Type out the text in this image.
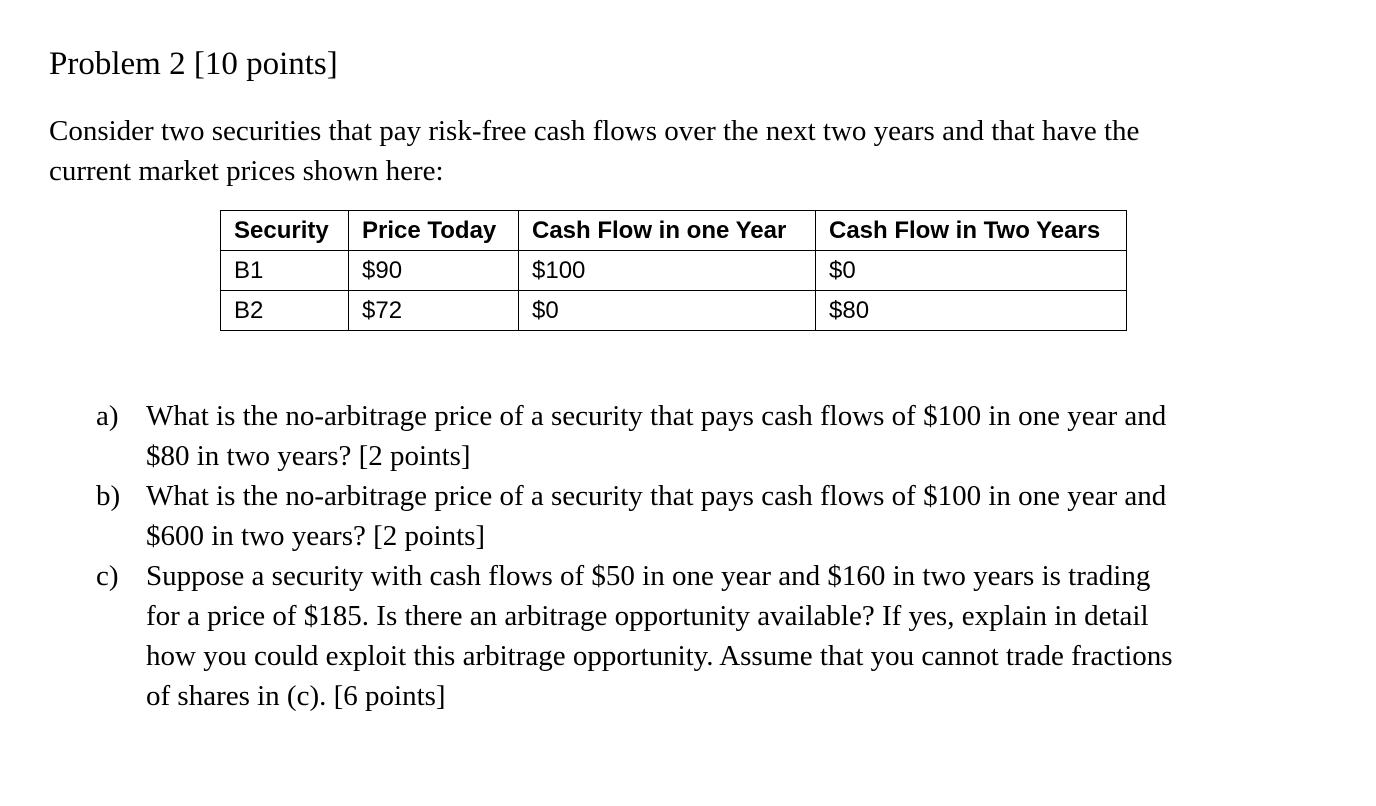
Problem 2 [10 points]
Consider two securities that pay risk-free cash flows over the next two years and that have the
current market prices shown here:
Security	Price Today	Cash Flow in one Year	Cash Flow in Two Years
B1	$90	$100	$0
B2	$72	$0	$80
a) What is the no-arbitrage price of a security that pays cash flows of $100 in one year and
$80 in two years? [2 points]
b) What is the no-arbitrage price of a security that pays cash flows of $100 in one year and
$600 in two years? [2 points]
c) Suppose a security with cash flows of $50 in one year and $160 in two years is trading
for a price of $185. Is there an arbitrage opportunity available? If yes, explain in detail
how you could exploit this arbitrage opportunity. Assume that you cannot trade fractions
of shares in (c). [6 points]
